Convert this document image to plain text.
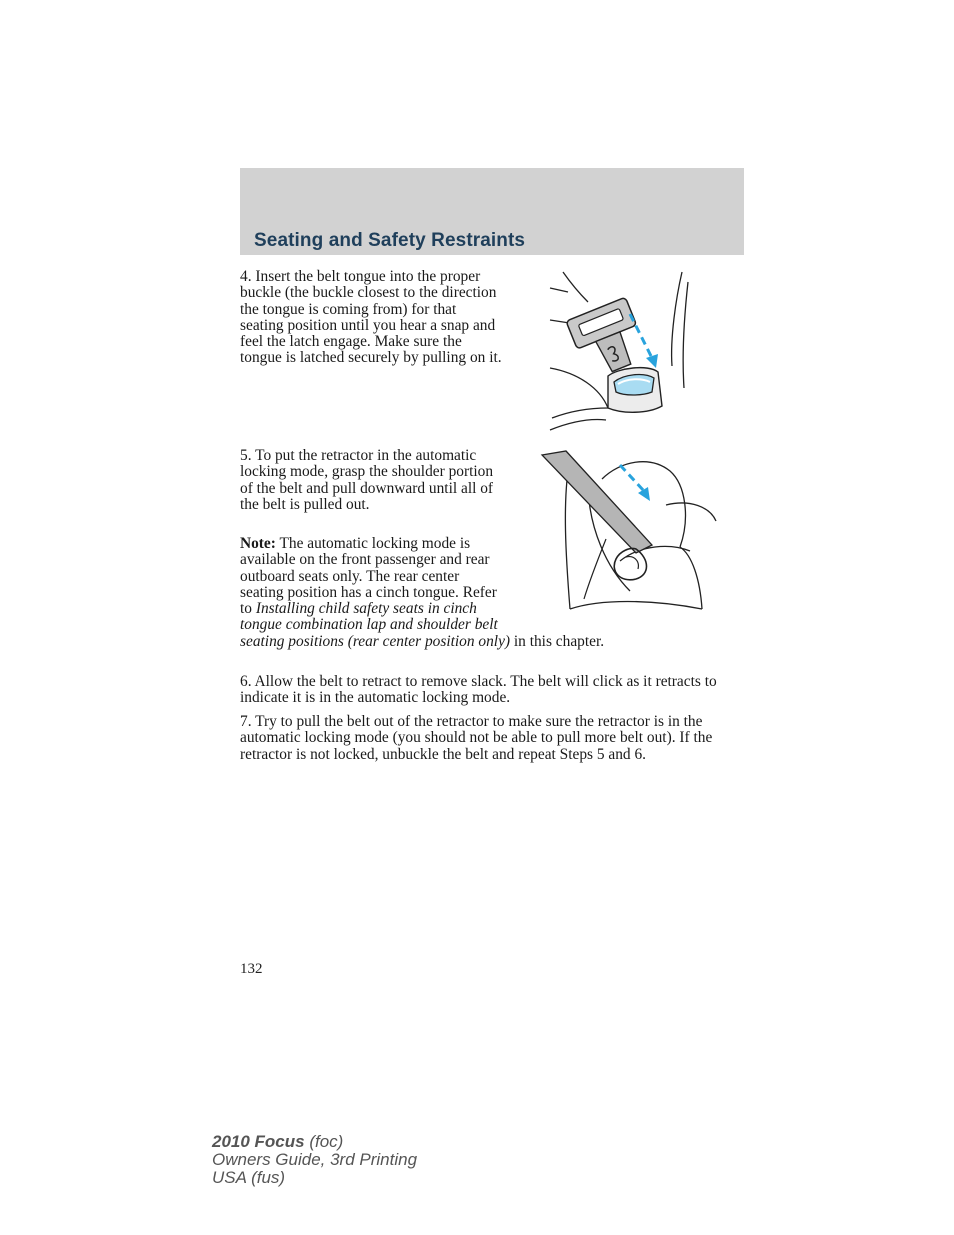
Seating and Safety Restraints

4. Insert the belt tongue into the proper buckle (the buckle closest to the direction the tongue is coming from) for that seating position until you hear a snap and feel the latch engage. Make sure the tongue is latched securely by pulling on it.

5. To put the retractor in the automatic locking mode, grasp the shoulder portion of the belt and pull downward until all of the belt is pulled out.

Note: The automatic locking mode is available on the front passenger and rear outboard seats only. The rear center seating position has a cinch tongue. Refer to Installing child safety seats in cinch tongue combination lap and shoulder belt seating positions (rear center position only) in this chapter.

6. Allow the belt to retract to remove slack. The belt will click as it retracts to indicate it is in the automatic locking mode.

7. Try to pull the belt out of the retractor to make sure the retractor is in the automatic locking mode (you should not be able to pull more belt out). If the retractor is not locked, unbuckle the belt and repeat Steps 5 and 6.

132
2010 Focus (foc)
Owners Guide, 3rd Printing
USA (fus)
